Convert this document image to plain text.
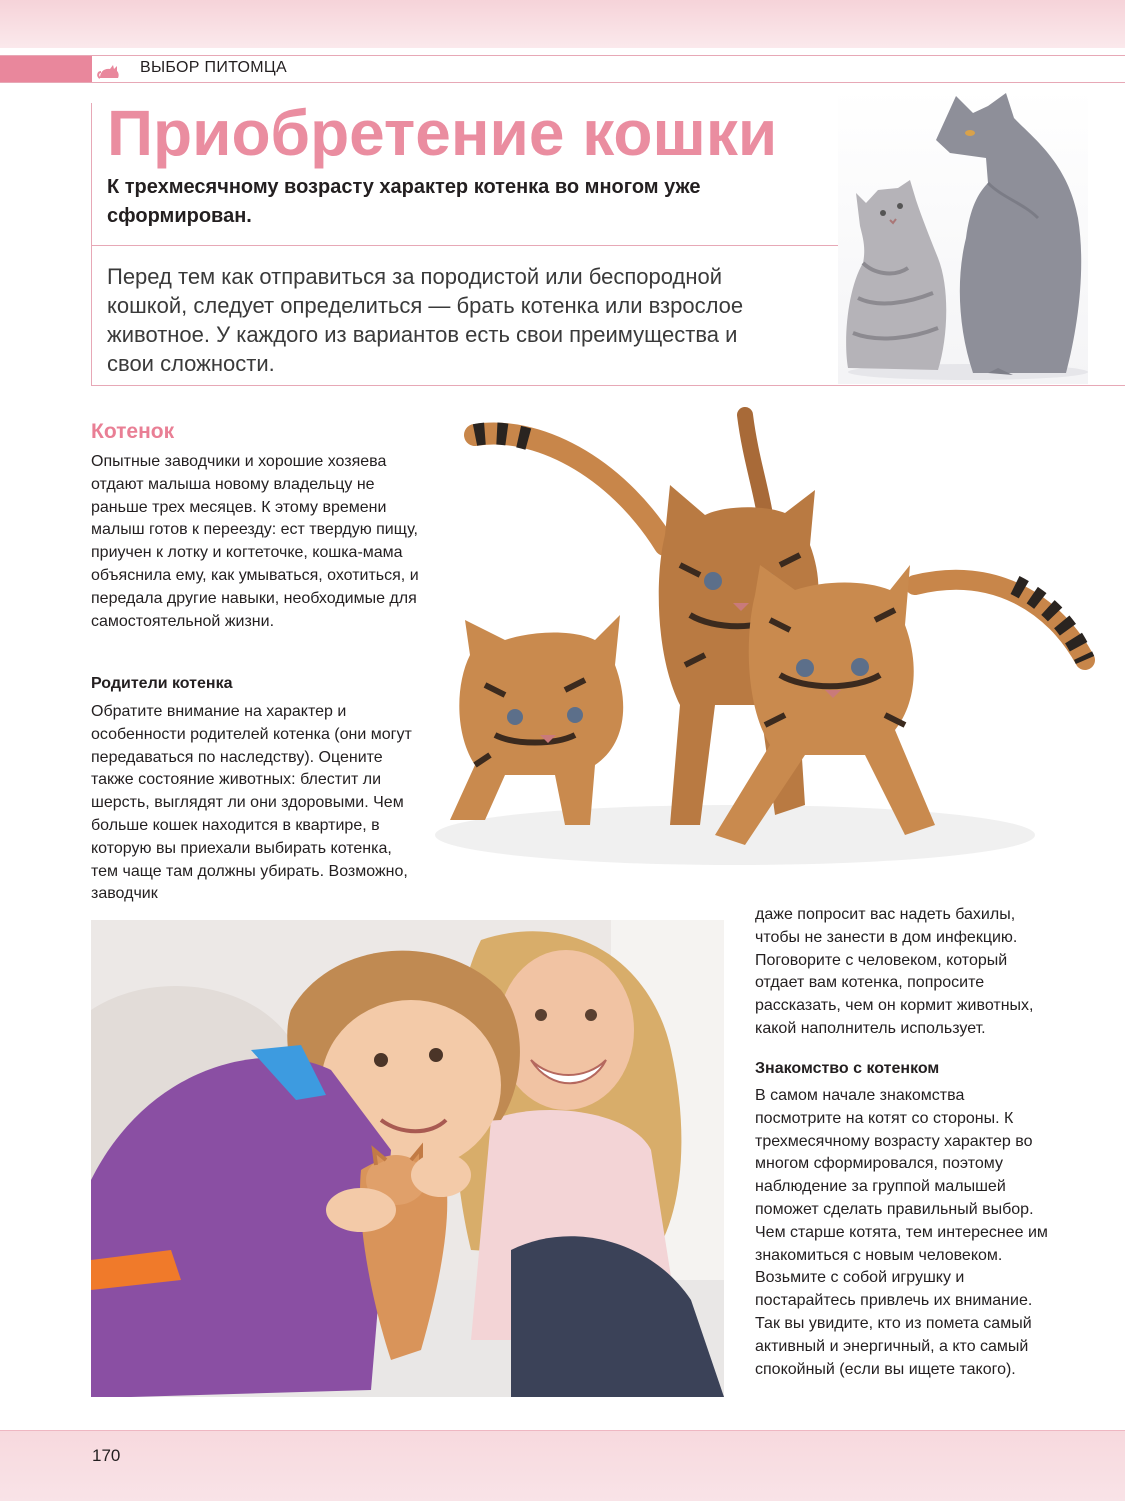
ВЫБОР ПИТОМЦА
Приобретение кошки

К трехмесячному возрасту характер котенка во многом уже сформирован.

Перед тем как отправиться за породистой или беспородной кошкой, следует определиться — брать котенка или взрослое животное. У каждого из вариантов есть свои преимущества и свои сложности.

Котенок

Опытные заводчики и хорошие хозяева отдают малыша новому владельцу не раньше трех месяцев. К этому времени малыш готов к переезду: ест твердую пищу, приучен к лотку и когтеточке, кошка-мама объяснила ему, как умываться, охотиться, и передала другие навыки, необходимые для самостоятельной жизни.

Родители котенка

Обратите внимание на характер и особенности родителей котенка (они могут передаваться по наследству). Оцените также состояние животных: блестит ли шерсть, выглядят ли они здоровыми. Чем больше кошек находится в квартире, в которую вы приехали выбирать котенка, тем чаще там должны убирать. Возможно, заводчик

даже попросит вас надеть бахилы, чтобы не занести в дом инфекцию. Поговорите с человеком, который отдает вам котенка, попросите рассказать, чем он кормит животных, какой наполнитель использует.

Знакомство с котенком

В самом начале знакомства посмотрите на котят со стороны. К трехмесячному возрасту характер во многом сформировался, поэтому наблюдение за группой малышей поможет сделать правильный выбор. Чем старше котята, тем интереснее им знакомиться с новым человеком. Возьмите с собой игрушку и постарайтесь привлечь их внимание. Так вы увидите, кто из помета самый активный и энергичный, а кто самый спокойный (если вы ищете такого).

170
